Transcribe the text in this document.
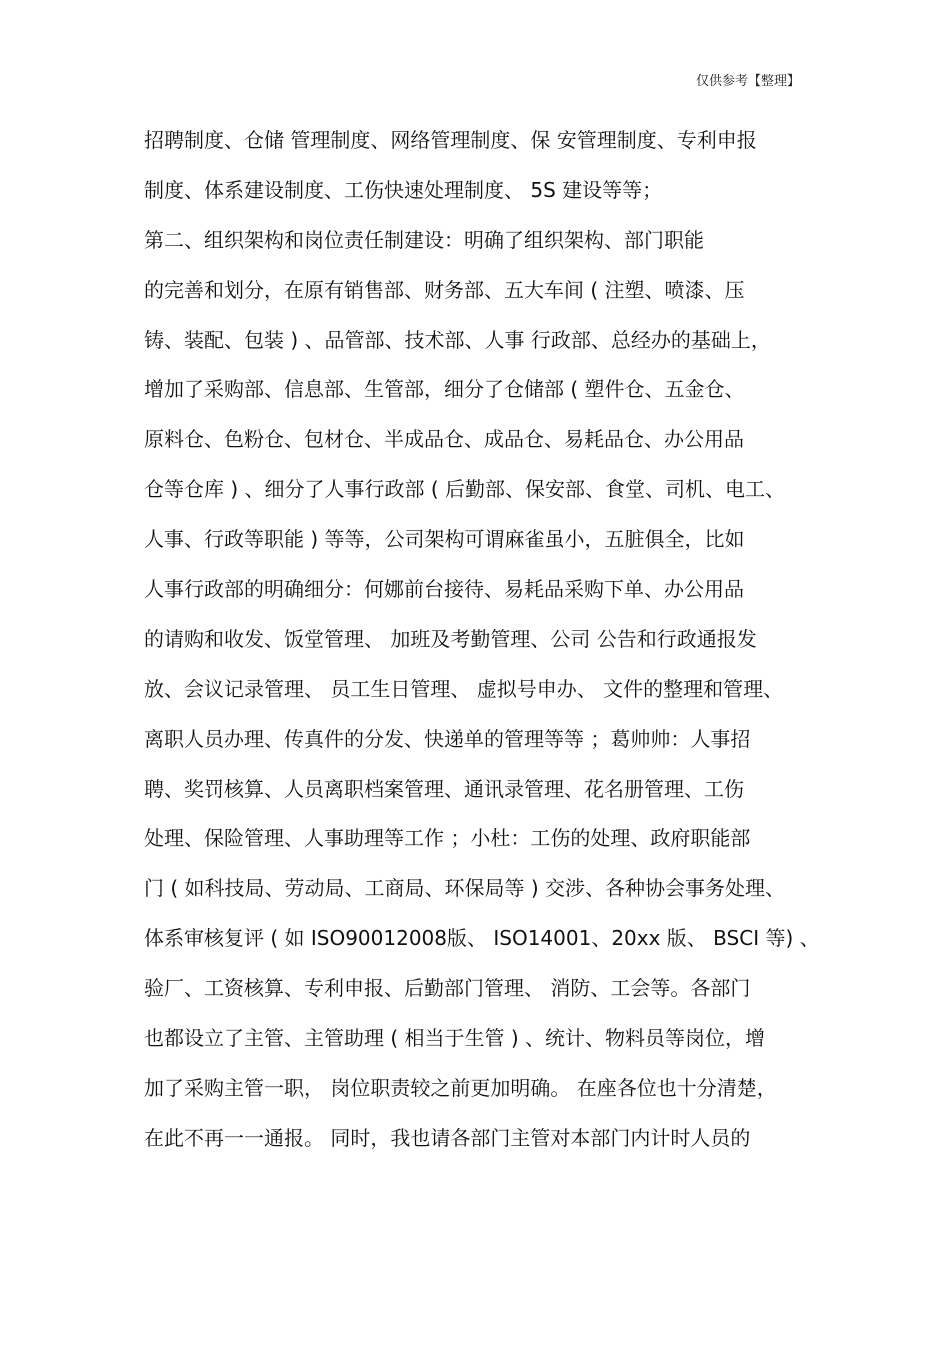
仅供参考【整理】
招聘制度、仓储 管理制度、网络管理制度、保 安管理制度、专利申报
制度、体系建设制度、工伤快速处理制度、 5S 建设等等；
第二、组织架构和岗位责任制建设：明确了组织架构、部门职能
的完善和划分，在原有销售部、财务部、五大车间 ( 注塑、喷漆、压
铸、装配、包装 ) 、品管部、技术部、人事 行政部、总经办的基础上，
增加了采购部、信息部、生管部，细分了仓储部 ( 塑件仓、五金仓、
原料仓、色粉仓、包材仓、半成品仓、成品仓、易耗品仓、办公用品
仓等仓库 ) 、细分了人事行政部 ( 后勤部、保安部、食堂、司机、电工、
人事、行政等职能 ) 等等，公司架构可谓麻雀虽小，五脏俱全，比如
人事行政部的明确细分：何娜前台接待、易耗品采购下单、办公用品
的请购和收发、饭堂管理、 加班及考勤管理、公司 公告和行政通报发
放、会议记录管理、 员工生日管理、 虚拟号申办、 文件的整理和管理、
离职人员办理、传真件的分发、快递单的管理等等 ；葛帅帅：人事招
聘、奖罚核算、人员离职档案管理、通讯录管理、花名册管理、工伤
处理、保险管理、人事助理等工作 ；小杜：工伤的处理、政府职能部
门 ( 如科技局、劳动局、工商局、环保局等 ) 交涉、各种协会事务处理、
体系审核复评 ( 如 ISO90012008版、 ISO14001、20xx 版、 BSCI 等) 、
验厂、工资核算、专利申报、后勤部门管理、 消防、工会等。各部门
也都设立了主管、主管助理 ( 相当于生管 ) 、统计、物料员等岗位，增
加了采购主管一职， 岗位职责较之前更加明确。 在座各位也十分清楚，
在此不再一一通报。 同时，我也请各部门主管对本部门内计时人员的
